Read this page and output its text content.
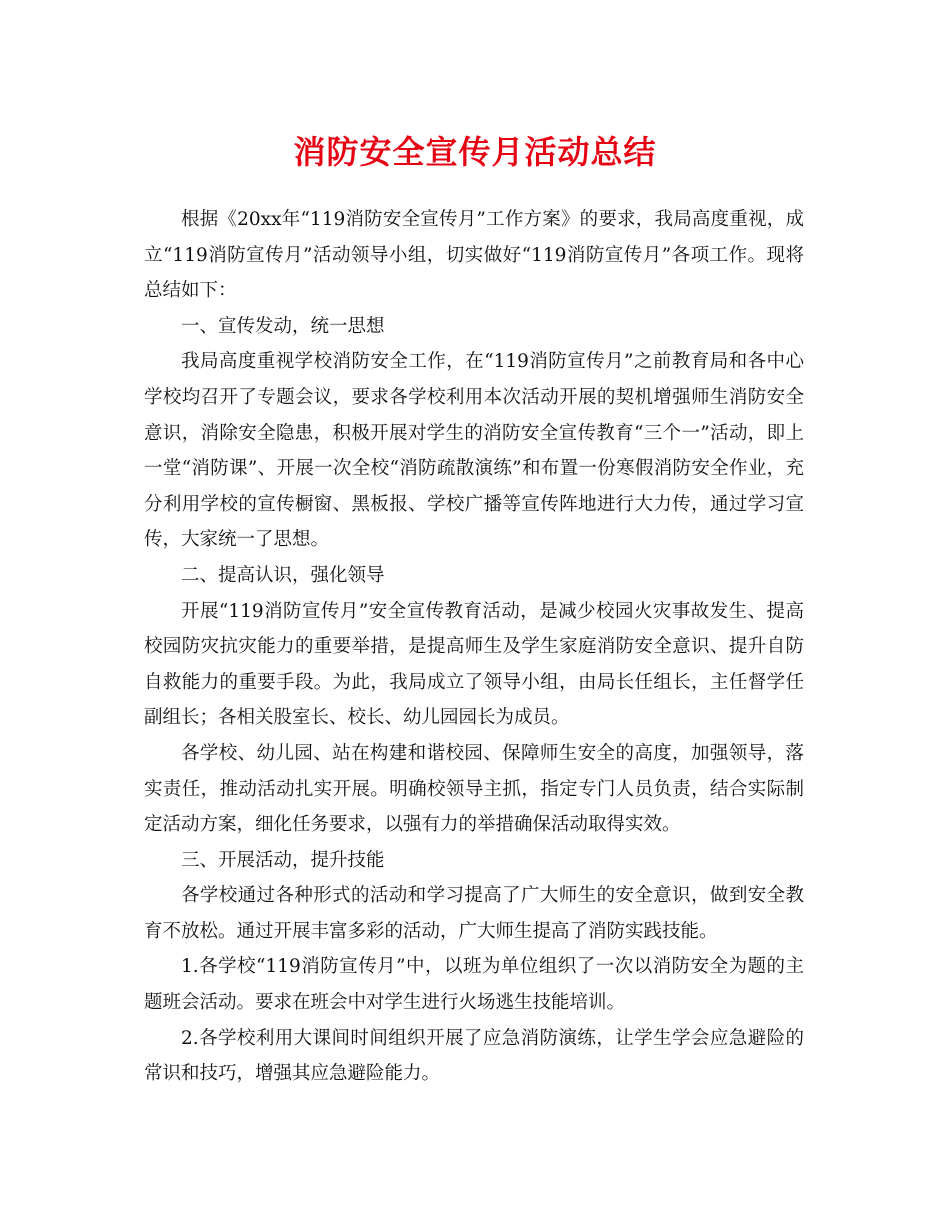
消防安全宣传月活动总结

根据《20xx年“119消防安全宣传月”工作方案》的要求，我局高度重视，成立“119消防宣传月”活动领导小组，切实做好“119消防宣传月”各项工作。现将总结如下：

一、宣传发动，统一思想

我局高度重视学校消防安全工作，在“119消防宣传月”之前教育局和各中心学校均召开了专题会议，要求各学校利用本次活动开展的契机增强师生消防安全意识，消除安全隐患，积极开展对学生的消防安全宣传教育“三个一”活动，即上一堂“消防课”、开展一次全校“消防疏散演练”和布置一份寒假消防安全作业，充分利用学校的宣传橱窗、黑板报、学校广播等宣传阵地进行大力传，通过学习宣传，大家统一了思想。

二、提高认识，强化领导

开展“119消防宣传月”安全宣传教育活动，是减少校园火灾事故发生、提高校园防灾抗灾能力的重要举措，是提高师生及学生家庭消防安全意识、提升自防自救能力的重要手段。为此，我局成立了领导小组，由局长任组长，主任督学任副组长；各相关股室长、校长、幼儿园园长为成员。

各学校、幼儿园、站在构建和谐校园、保障师生安全的高度，加强领导，落实责任，推动活动扎实开展。明确校领导主抓，指定专门人员负责，结合实际制定活动方案，细化任务要求，以强有力的举措确保活动取得实效。

三、开展活动，提升技能

各学校通过各种形式的活动和学习提高了广大师生的安全意识，做到安全教育不放松。通过开展丰富多彩的活动，广大师生提高了消防实践技能。

1.各学校“119消防宣传月”中，以班为单位组织了一次以消防安全为题的主题班会活动。要求在班会中对学生进行火场逃生技能培训。

2.各学校利用大课间时间组织开展了应急消防演练，让学生学会应急避险的常识和技巧，增强其应急避险能力。
